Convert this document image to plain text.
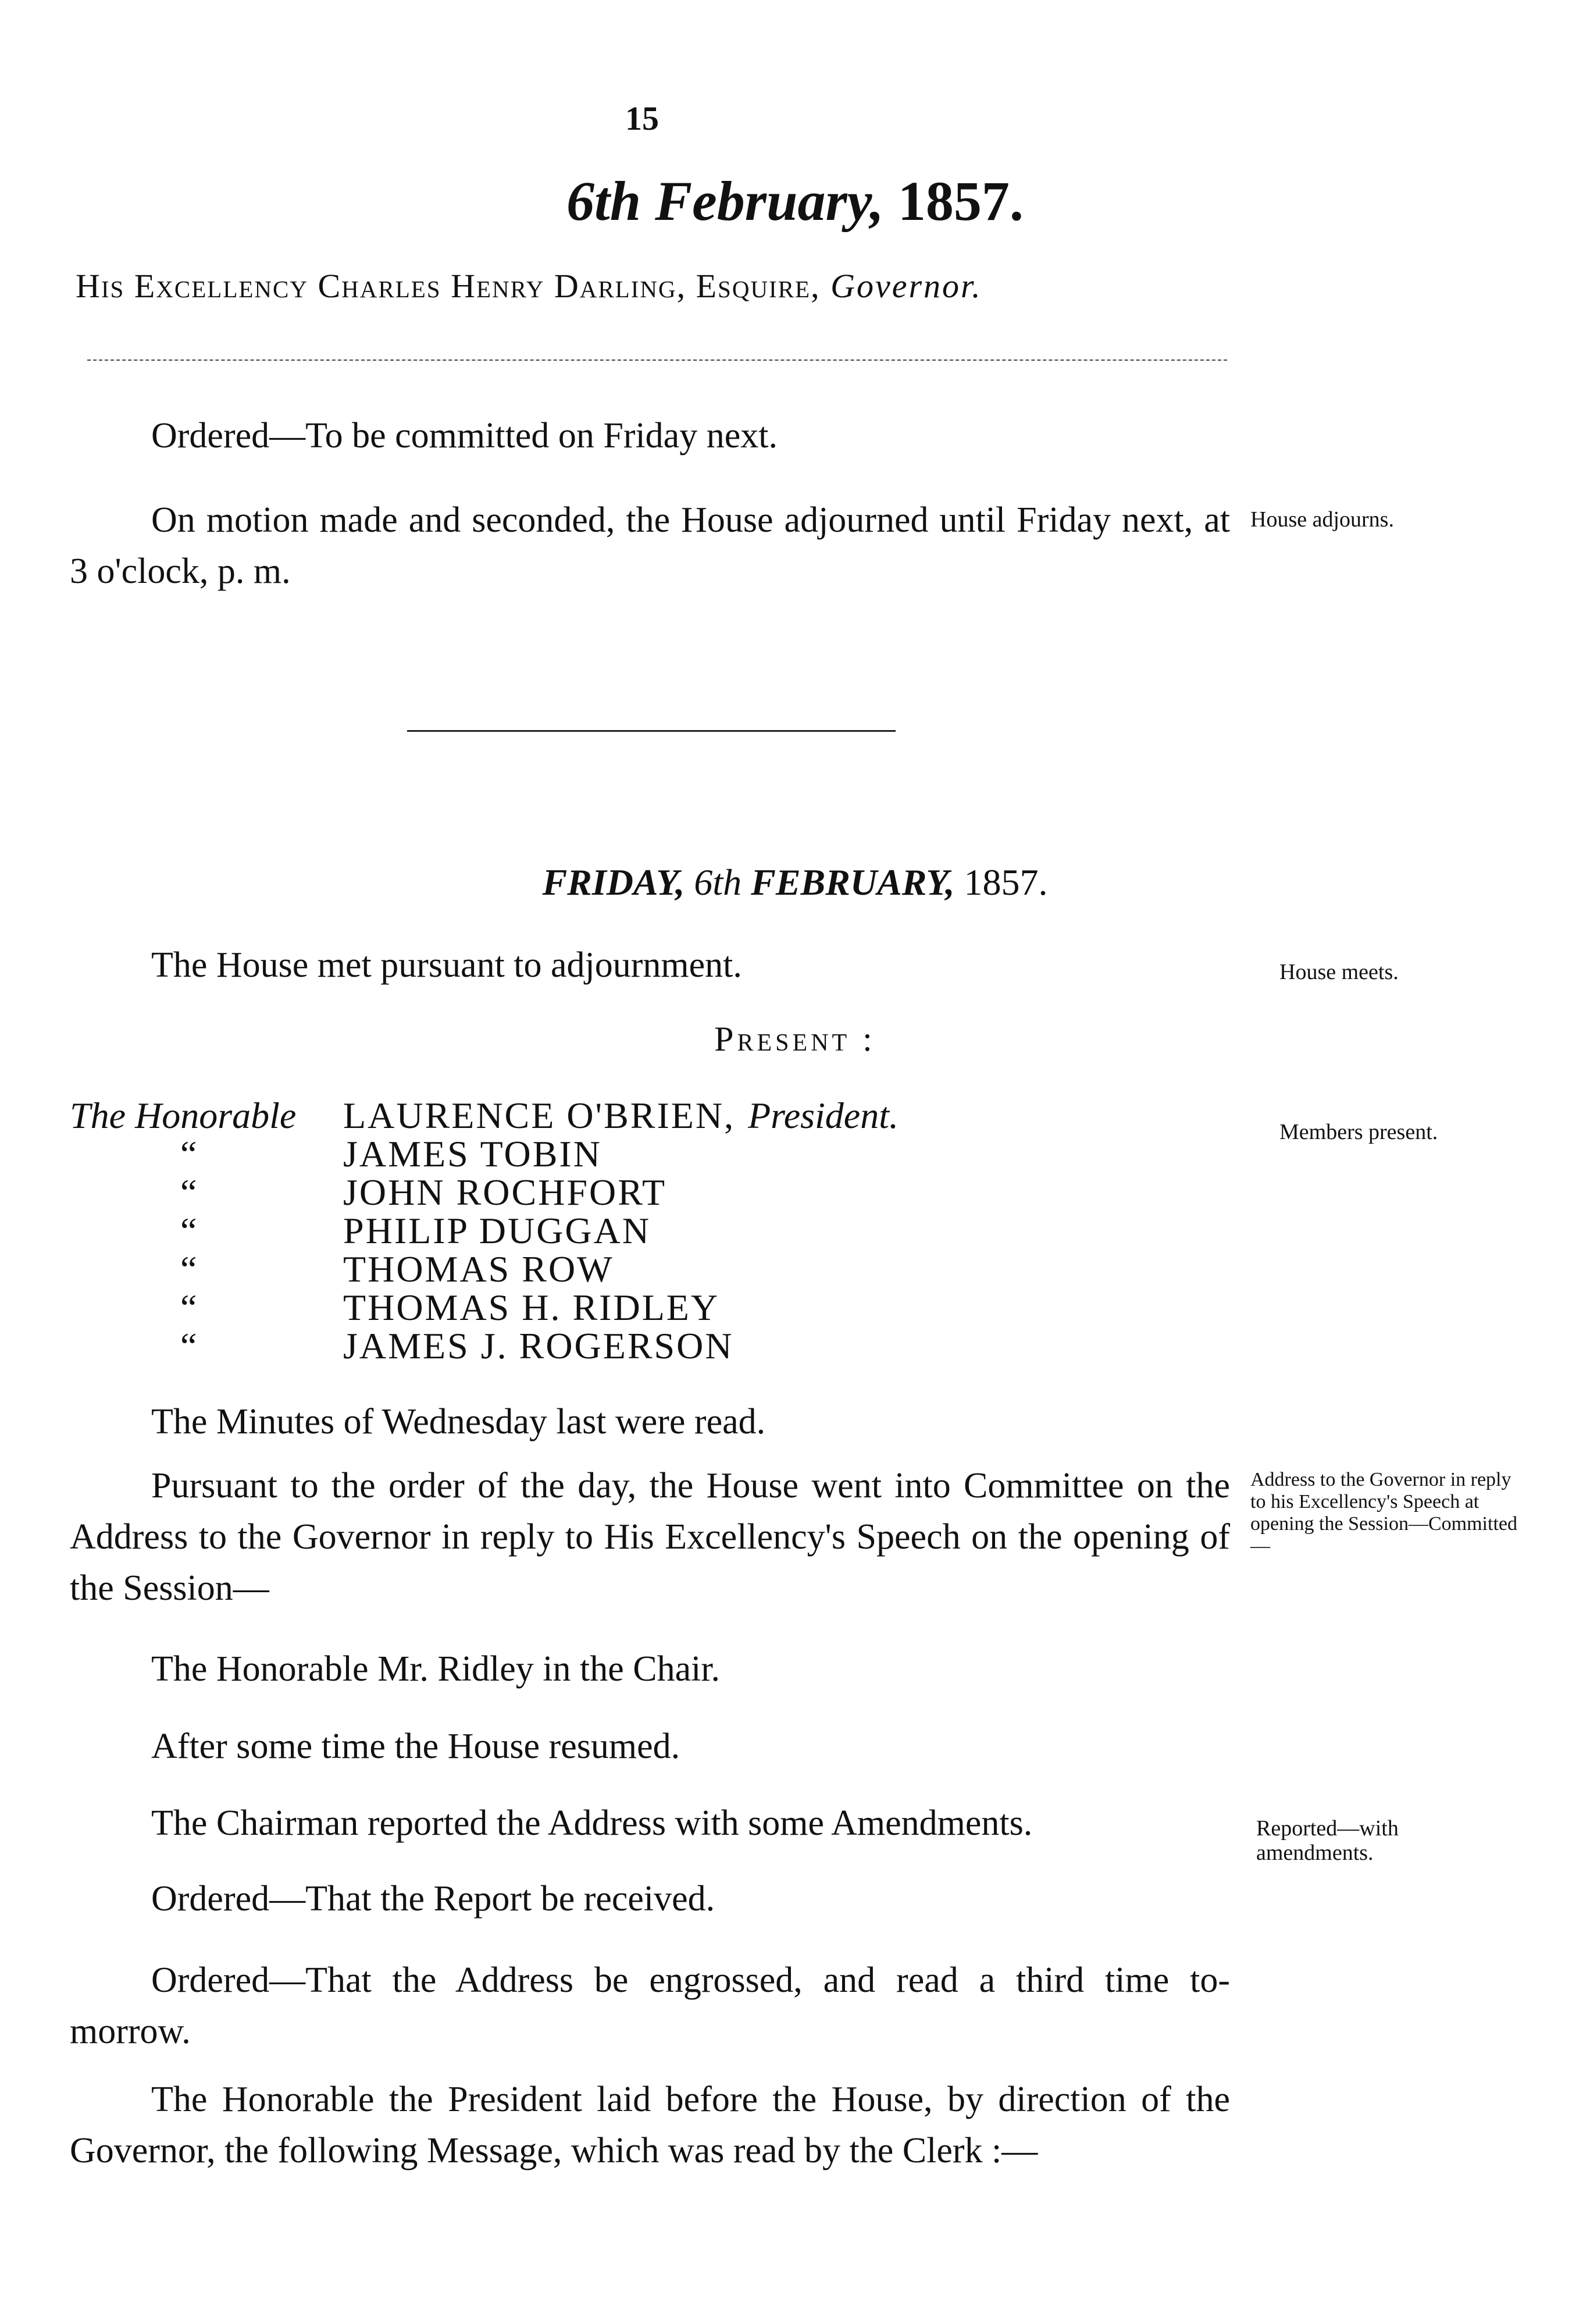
15
6th February, 1857.
His Excellency Charles Henry Darling, Esquire, Governor.
Ordered—To be committed on Friday next.
On motion made and seconded, the House adjourned until Friday next, at 3 o'clock, p. m.
House adjourns.
FRIDAY, 6th FEBRUARY, 1857.
The House met pursuant to adjournment.	House meets.
Present :
The Honorable	LAURENCE O'BRIEN, President.
“	JAMES TOBIN
“	JOHN ROCHFORT
“	PHILIP DUGGAN
“	THOMAS ROW
“	THOMAS H. RIDLEY
“	JAMES J. ROGERSON
Members present.
The Minutes of Wednesday last were read.
Pursuant to the order of the day, the House went into Committee on the Address to the Governor in reply to His Excellency's Speech on the opening of the Session—
Address to the Governor in reply to his Excellency's Speech at opening the Session—Committed—
The Honorable Mr. Ridley in the Chair.
After some time the House resumed.
The Chairman reported the Address with some Amendments.	Reported—with amendments.
Ordered—That the Report be received.
Ordered—That the Address be engrossed, and read a third time to-morrow.
The Honorable the President laid before the House, by direction of the Governor, the following Message, which was read by the Clerk :—
